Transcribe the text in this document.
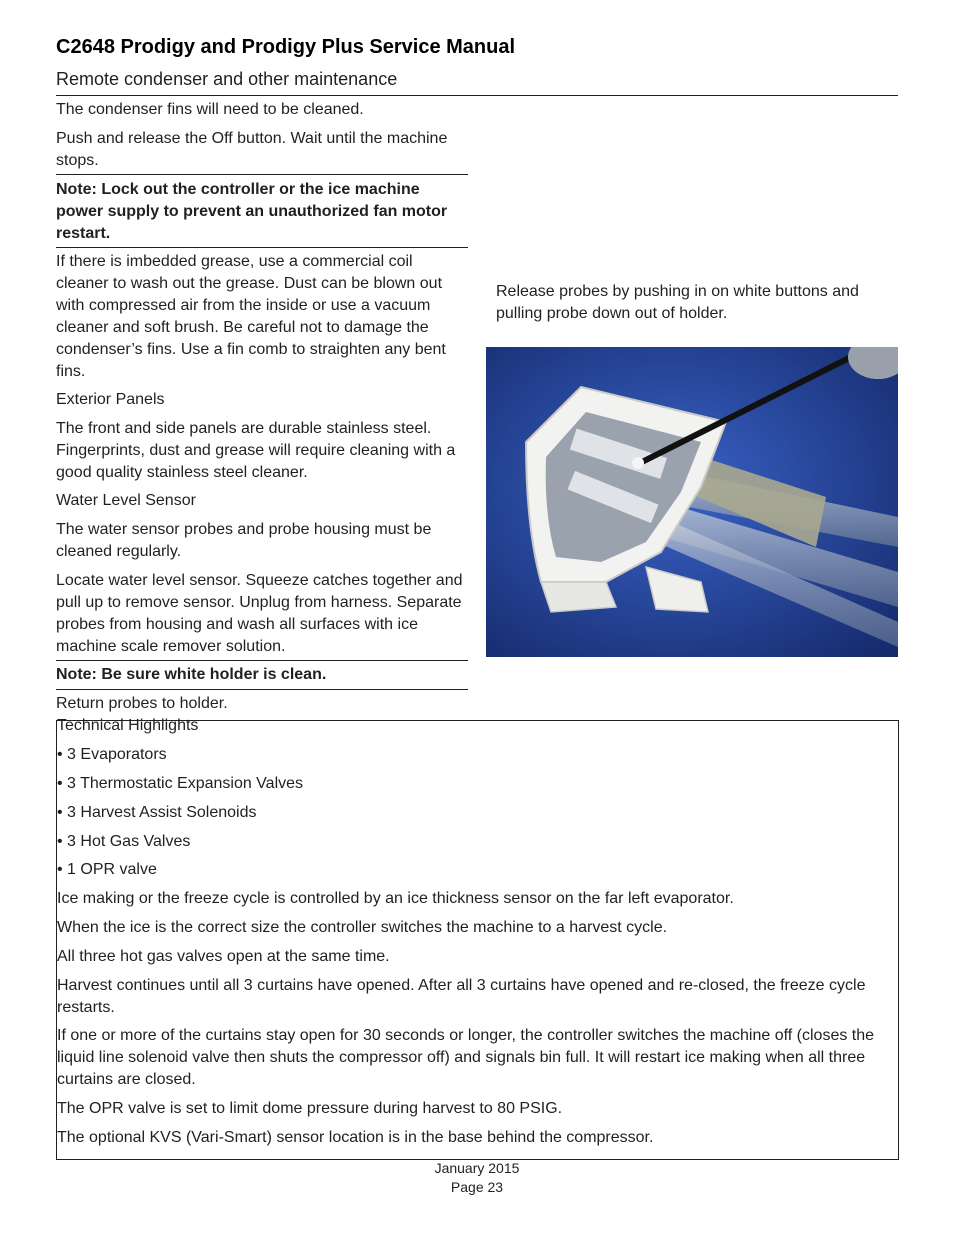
C2648 Prodigy and Prodigy Plus Service Manual
Remote condenser and other maintenance
The condenser fins will need to be cleaned.
Push and release the Off button. Wait until the machine stops.
Note: Lock out the controller or the ice machine power supply to prevent an unauthorized fan motor restart.
If there is imbedded grease, use a commercial coil cleaner to wash out the grease. Dust can be blown out with compressed air from the inside or use a vacuum cleaner and soft brush. Be careful not to damage the condenser’s fins. Use a fin comb to straighten any bent fins.
Exterior Panels
The front and side panels are durable stainless steel. Fingerprints, dust and grease will require cleaning with a good quality stainless steel cleaner.
Water Level Sensor
The water sensor probes and probe housing must be cleaned regularly.
Locate water level sensor. Squeeze catches together and pull up to remove sensor. Unplug from harness. Separate probes from housing and wash all surfaces with ice machine scale remover solution.
Note: Be sure white holder is clean.
Return probes to holder.
Release probes by pushing in on white buttons and pulling probe down out of holder.
Technical Highlights
• 3 Evaporators
• 3 Thermostatic Expansion Valves
• 3 Harvest Assist Solenoids
• 3 Hot Gas Valves
• 1 OPR valve
Ice making or the freeze cycle is controlled by an ice thickness sensor on the far left evaporator.
When the ice is the correct size the controller switches the machine to a harvest cycle.
All three hot gas valves open at the same time.
Harvest continues until all 3 curtains have opened. After all 3 curtains have opened and re-closed, the freeze cycle restarts.
If one or more of the curtains stay open for 30 seconds or longer, the controller switches the machine off (closes the liquid line solenoid valve then shuts the compressor off) and signals bin full. It will restart ice making when all three curtains are closed.
The OPR valve is set to limit dome pressure during harvest to 80 PSIG.
The optional KVS (Vari-Smart) sensor location is in the base behind the compressor.
January 2015
Page 23
